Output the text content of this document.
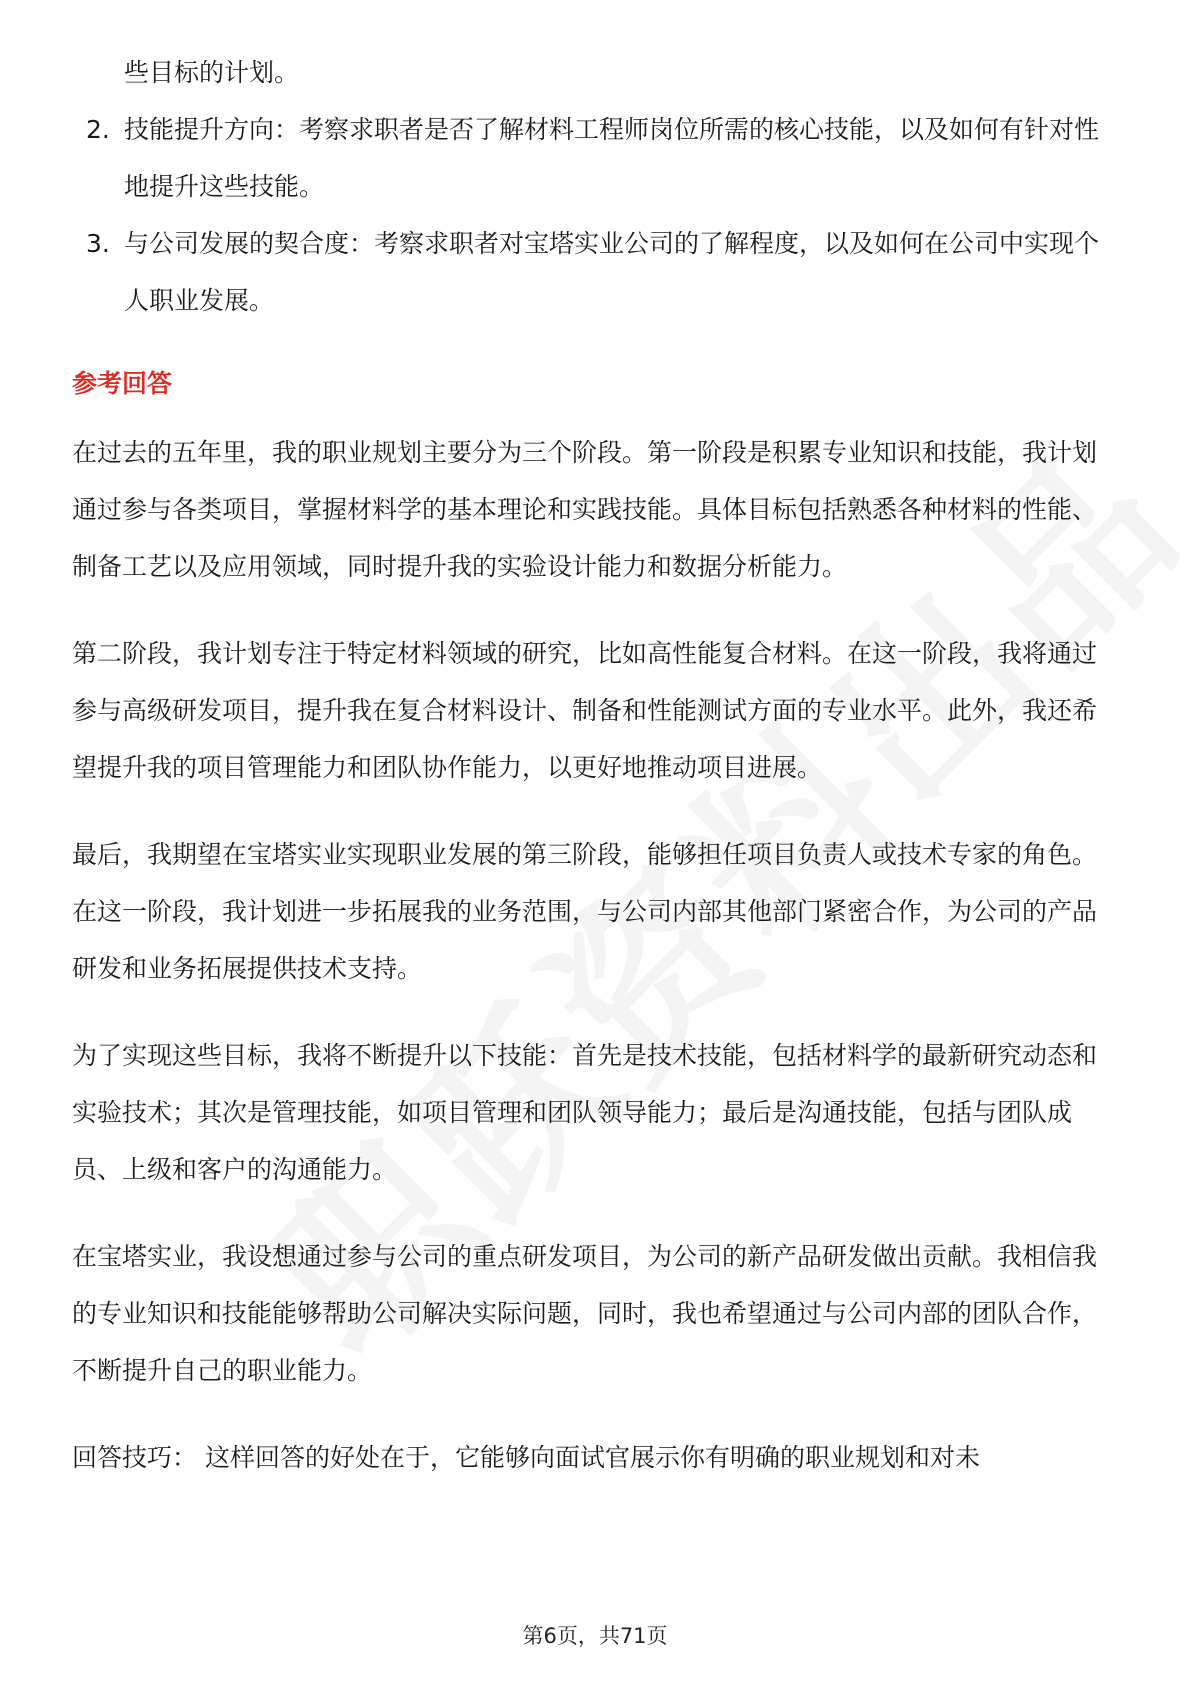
些目标的计划。

2. 技能提升方向：考察求职者是否了解材料工程师岗位所需的核心技能，以及如何有针对性地提升这些技能。
3. 与公司发展的契合度：考察求职者对宝塔实业公司的了解程度，以及如何在公司中实现个人职业发展。
参考回答

在过去的五年里，我的职业规划主要分为三个阶段。第一阶段是积累专业知识和技能，我计划通过参与各类项目，掌握材料学的基本理论和实践技能。具体目标包括熟悉各种材料的性能、制备工艺以及应用领域，同时提升我的实验设计能力和数据分析能力。

第二阶段，我计划专注于特定材料领域的研究，比如高性能复合材料。在这一阶段，我将通过参与高级研发项目，提升我在复合材料设计、制备和性能测试方面的专业水平。此外，我还希望提升我的项目管理能力和团队协作能力，以更好地推动项目进展。

最后，我期望在宝塔实业实现职业发展的第三阶段，能够担任项目负责人或技术专家的角色。在这一阶段，我计划进一步拓展我的业务范围，与公司内部其他部门紧密合作，为公司的产品研发和业务拓展提供技术支持。

为了实现这些目标，我将不断提升以下技能：首先是技术技能，包括材料学的最新研究动态和实验技术；其次是管理技能，如项目管理和团队领导能力；最后是沟通技能，包括与团队成员、上级和客户的沟通能力。

在宝塔实业，我设想通过参与公司的重点研发项目，为公司的新产品研发做出贡献。我相信我的专业知识和技能能够帮助公司解决实际问题，同时，我也希望通过与公司内部的团队合作，不断提升自己的职业能力。

回答技巧： 这样回答的好处在于，它能够向面试官展示你有明确的职业规划和对未

第6页，共71页
